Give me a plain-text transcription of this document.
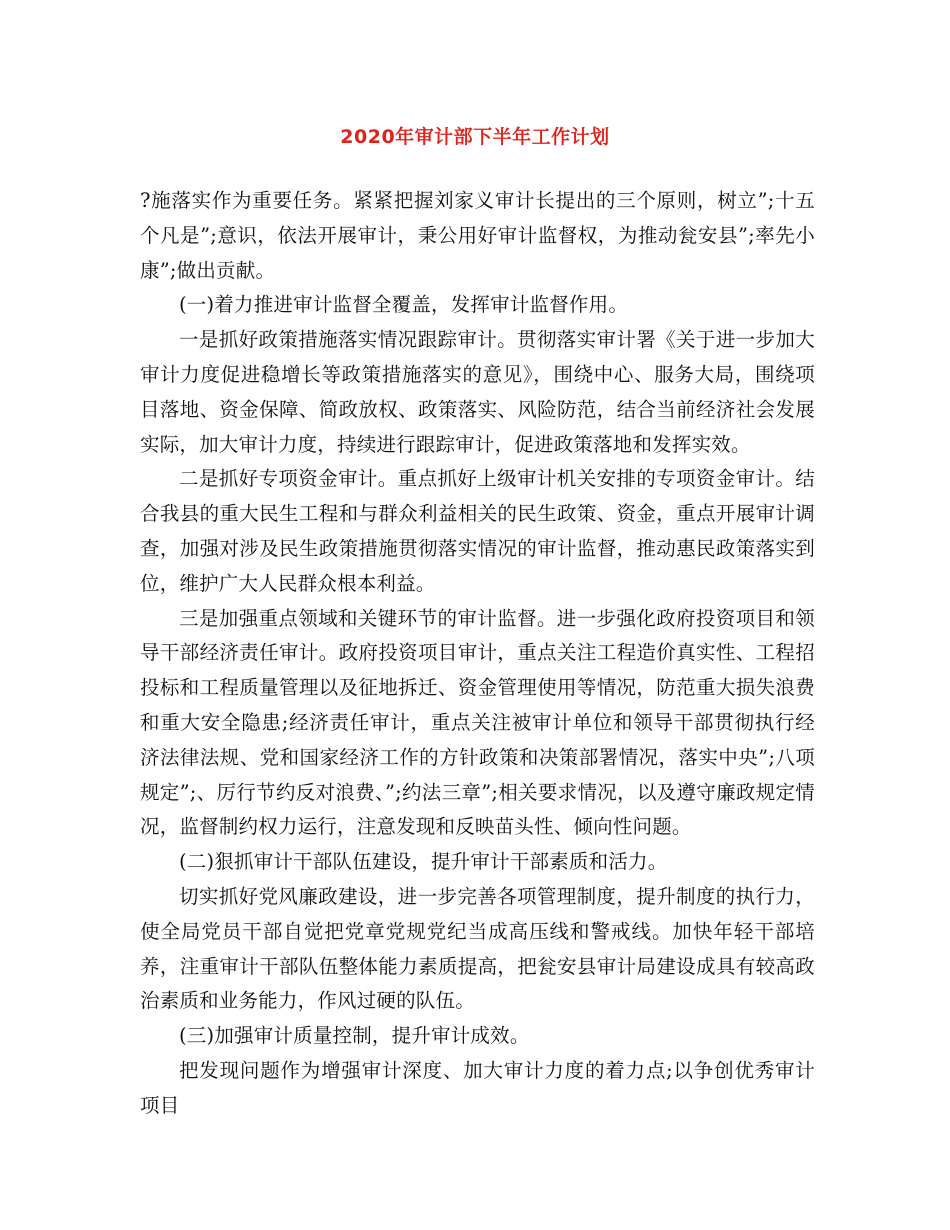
2020年审计部下半年工作计划

?施落实作为重要任务。紧紧把握刘家义审计长提出的三个原则，树立”;十五个凡是”;意识，依法开展审计，秉公用好审计监督权，为推动瓮安县”;率先小康”;做出贡献。

(一)着力推进审计监督全覆盖，发挥审计监督作用。

一是抓好政策措施落实情况跟踪审计。贯彻落实审计署《关于进一步加大审计力度促进稳增长等政策措施落实的意见》，围绕中心、服务大局，围绕项目落地、资金保障、简政放权、政策落实、风险防范，结合当前经济社会发展实际，加大审计力度，持续进行跟踪审计，促进政策落地和发挥实效。

二是抓好专项资金审计。重点抓好上级审计机关安排的专项资金审计。结合我县的重大民生工程和与群众利益相关的民生政策、资金，重点开展审计调查，加强对涉及民生政策措施贯彻落实情况的审计监督，推动惠民政策落实到位，维护广大人民群众根本利益。

三是加强重点领域和关键环节的审计监督。进一步强化政府投资项目和领导干部经济责任审计。政府投资项目审计，重点关注工程造价真实性、工程招投标和工程质量管理以及征地拆迁、资金管理使用等情况，防范重大损失浪费和重大安全隐患;经济责任审计，重点关注被审计单位和领导干部贯彻执行经济法律法规、党和国家经济工作的方针政策和决策部署情况，落实中央”;八项规定”;、厉行节约反对浪费、”;约法三章”;相关要求情况，以及遵守廉政规定情况，监督制约权力运行，注意发现和反映苗头性、倾向性问题。

(二)狠抓审计干部队伍建设，提升审计干部素质和活力。

切实抓好党风廉政建设，进一步完善各项管理制度，提升制度的执行力，使全局党员干部自觉把党章党规党纪当成高压线和警戒线。加快年轻干部培养，注重审计干部队伍整体能力素质提高，把瓮安县审计局建设成具有较高政治素质和业务能力，作风过硬的队伍。

(三)加强审计质量控制，提升审计成效。

把发现问题作为增强审计深度、加大审计力度的着力点;以争创优秀审计项目
